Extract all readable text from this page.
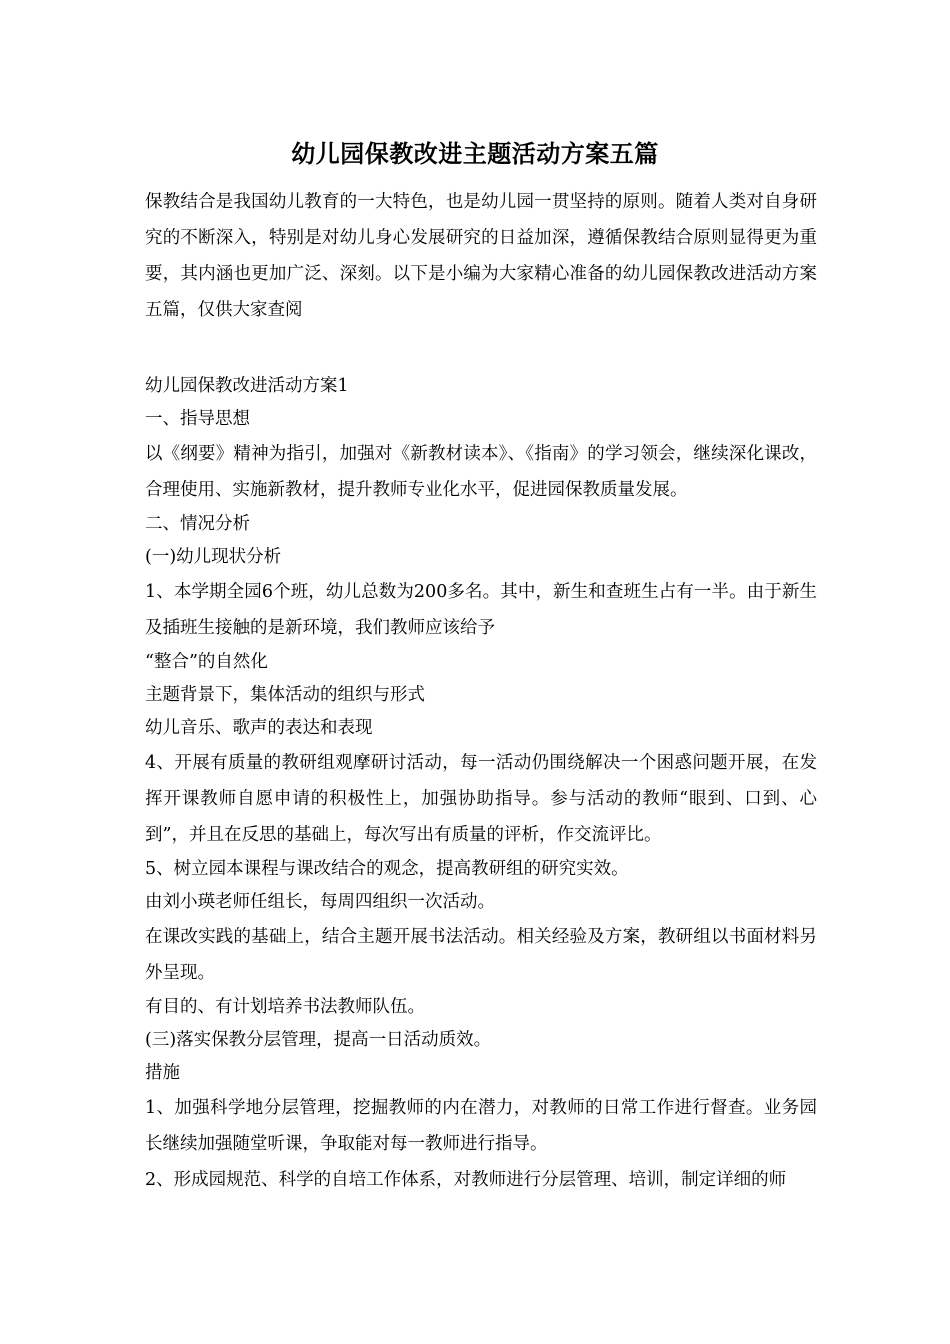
幼儿园保教改进主题活动方案五篇

保教结合是我国幼儿教育的一大特色，也是幼儿园一贯坚持的原则。随着人类对自身研究的不断深入，特别是对幼儿身心发展研究的日益加深，遵循保教结合原则显得更为重要，其内涵也更加广泛、深刻。以下是小编为大家精心准备的幼儿园保教改进活动方案五篇，仅供大家查阅

幼儿园保教改进活动方案1

一、指导思想

以《纲要》精神为指引，加强对《新教材读本》、《指南》的学习领会，继续深化课改，合理使用、实施新教材，提升教师专业化水平，促进园保教质量发展。

二、情况分析

(一)幼儿现状分析

1、本学期全园6个班，幼儿总数为200多名。其中，新生和查班生占有一半。由于新生及插班生接触的是新环境，我们教师应该给予

“整合”的自然化

主题背景下，集体活动的组织与形式

幼儿音乐、歌声的表达和表现

4、开展有质量的教研组观摩研讨活动，每一活动仍围绕解决一个困惑问题开展，在发挥开课教师自愿申请的积极性上，加强协助指导。参与活动的教师“眼到、口到、心到”，并且在反思的基础上，每次写出有质量的评析，作交流评比。

5、树立园本课程与课改结合的观念，提高教研组的研究实效。

由刘小瑛老师任组长，每周四组织一次活动。

在课改实践的基础上，结合主题开展书法活动。相关经验及方案，教研组以书面材料另外呈现。

有目的、有计划培养书法教师队伍。

(三)落实保教分层管理，提高一日活动质效。

措施

1、加强科学地分层管理，挖掘教师的内在潜力，对教师的日常工作进行督查。业务园长继续加强随堂听课，争取能对每一教师进行指导。

2、形成园规范、科学的自培工作体系，对教师进行分层管理、培训，制定详细的师
